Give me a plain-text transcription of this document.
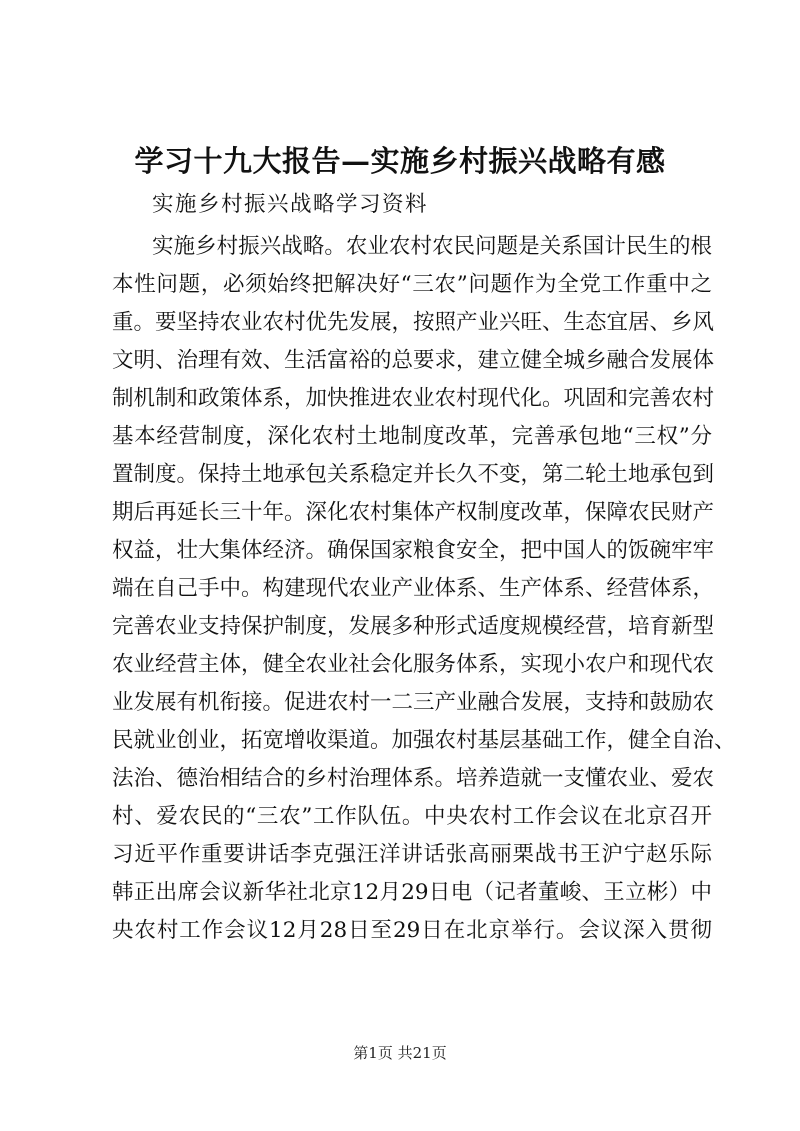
学习十九大报告—实施乡村振兴战略有感

实施乡村振兴战略学习资料

实施乡村振兴战略。农业农村农民问题是关系国计民生的根

本性问题，必须始终把解决好“三农”问题作为全党工作重中之

重。要坚持农业农村优先发展，按照产业兴旺、生态宜居、乡风

文明、治理有效、生活富裕的总要求，建立健全城乡融合发展体

制机制和政策体系，加快推进农业农村现代化。巩固和完善农村

基本经营制度，深化农村土地制度改革，完善承包地“三权”分

置制度。保持土地承包关系稳定并长久不变，第二轮土地承包到

期后再延长三十年。深化农村集体产权制度改革，保障农民财产

权益，壮大集体经济。确保国家粮食安全，把中国人的饭碗牢牢

端在自己手中。构建现代农业产业体系、生产体系、经营体系，

完善农业支持保护制度，发展多种形式适度规模经营，培育新型

农业经营主体，健全农业社会化服务体系，实现小农户和现代农

业发展有机衔接。促进农村一二三产业融合发展，支持和鼓励农

民就业创业，拓宽增收渠道。加强农村基层基础工作，健全自治、

法治、德治相结合的乡村治理体系。培养造就一支懂农业、爱农

村、爱农民的“三农”工作队伍。中央农村工作会议在北京召开

习近平作重要讲话李克强汪洋讲话张高丽栗战书王沪宁赵乐际

韩正出席会议新华社北京12月29日电（记者董峻、王立彬）中

央农村工作会议12月28日至29日在北京举行。会议深入贯彻

第1页 共21页
